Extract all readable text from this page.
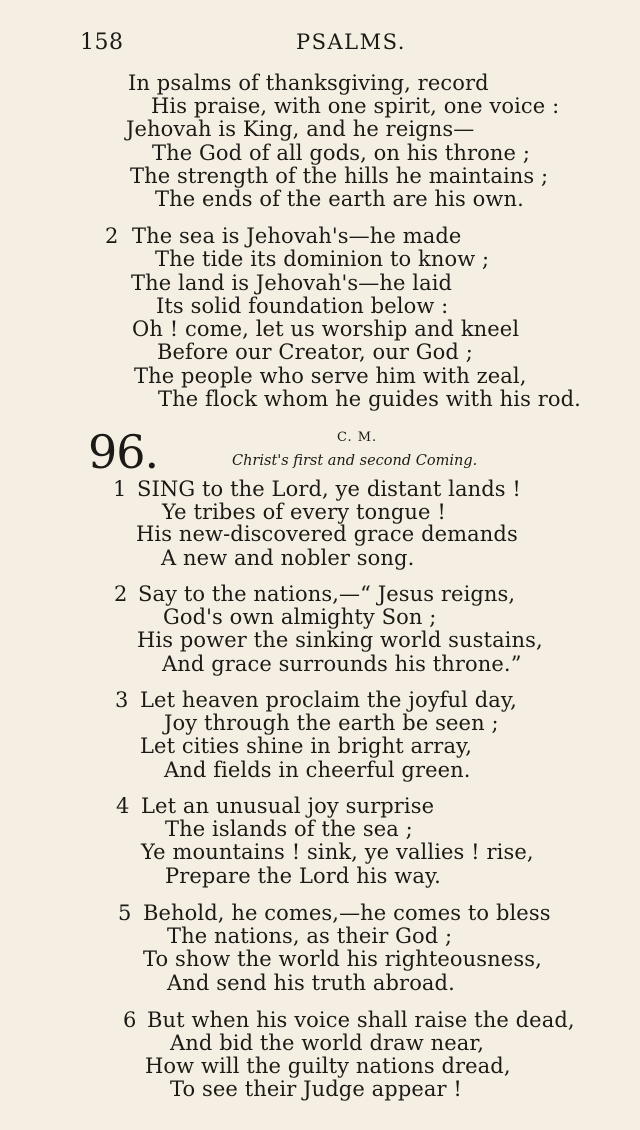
158	PSALMS.
In psalms of thanksgiving, record
His praise, with one spirit, one voice :
Jehovah is King, and he reigns—
The God of all gods, on his throne ;
The strength of the hills he maintains ;
The ends of the earth are his own.
2 The sea is Jehovah's—he made
The tide its dominion to know ;
The land is Jehovah's—he laid
Its solid foundation below :
Oh ! come, let us worship and kneel
Before our Creator, our God ;
The people who serve him with zeal,
The flock whom he guides with his rod.
96.	C. M.
Christ's first and second Coming.
1 SING to the Lord, ye distant lands !
Ye tribes of every tongue !
His new-discovered grace demands
A new and nobler song.
2 Say to the nations,—“ Jesus reigns,
God's own almighty Son ;
His power the sinking world sustains,
And grace surrounds his throne.”
3 Let heaven proclaim the joyful day,
Joy through the earth be seen ;
Let cities shine in bright array,
And fields in cheerful green.
4 Let an unusual joy surprise
The islands of the sea ;
Ye mountains ! sink, ye vallies ! rise,
Prepare the Lord his way.
5 Behold, he comes,—he comes to bless
The nations, as their God ;
To show the world his righteousness,
And send his truth abroad.
6 But when his voice shall raise the dead,
And bid the world draw near,
How will the guilty nations dread,
To see their Judge appear !
